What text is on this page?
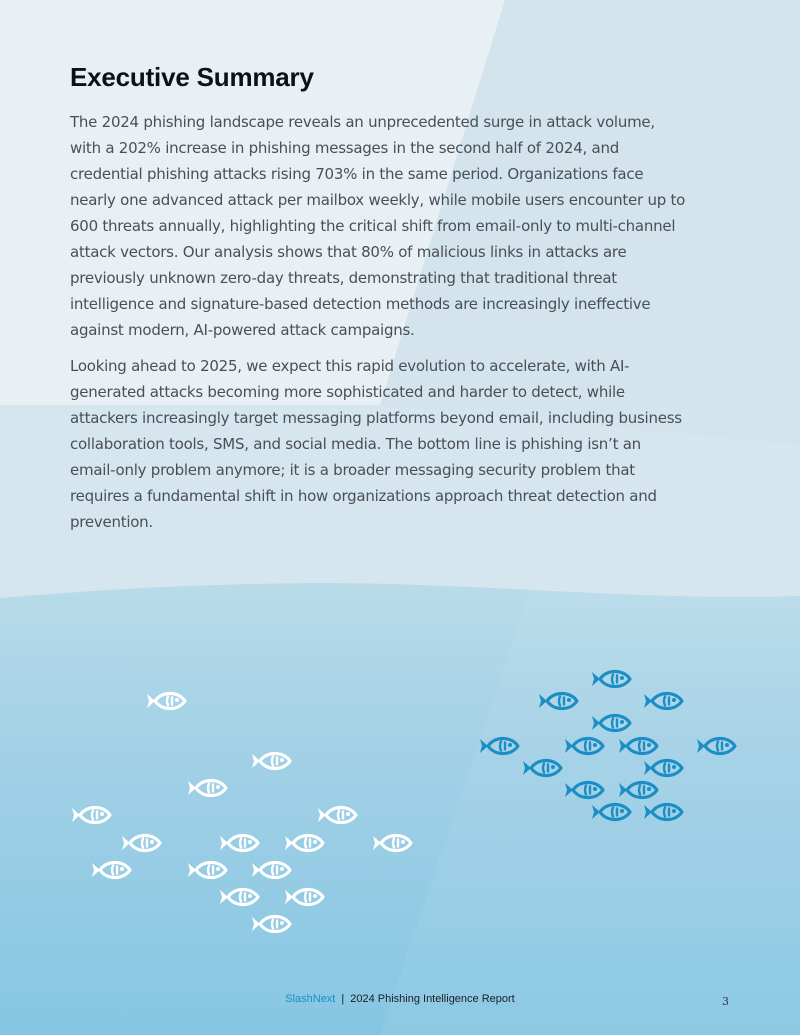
Executive Summary

The 2024 phishing landscape reveals an unprecedented surge in attack volume, with a 202% increase in phishing messages in the second half of 2024, and credential phishing attacks rising 703% in the same period. Organizations face nearly one advanced attack per mailbox weekly, while mobile users encounter up to 600 threats annually, highlighting the critical shift from email-only to multi-channel attack vectors. Our analysis shows that 80% of malicious links in attacks are previously unknown zero-day threats, demonstrating that traditional threat intelligence and signature-based detection methods are increasingly ineffective against modern, AI-powered attack campaigns.

Looking ahead to 2025, we expect this rapid evolution to accelerate, with AI-generated attacks becoming more sophisticated and harder to detect, while attackers increasingly target messaging platforms beyond email, including business collaboration tools, SMS, and social media. The bottom line is phishing isn’t an email-only problem anymore; it is a broader messaging security problem that requires a fundamental shift in how organizations approach threat detection and prevention.

SlashNext | 2024 Phishing Intelligence Report	3
